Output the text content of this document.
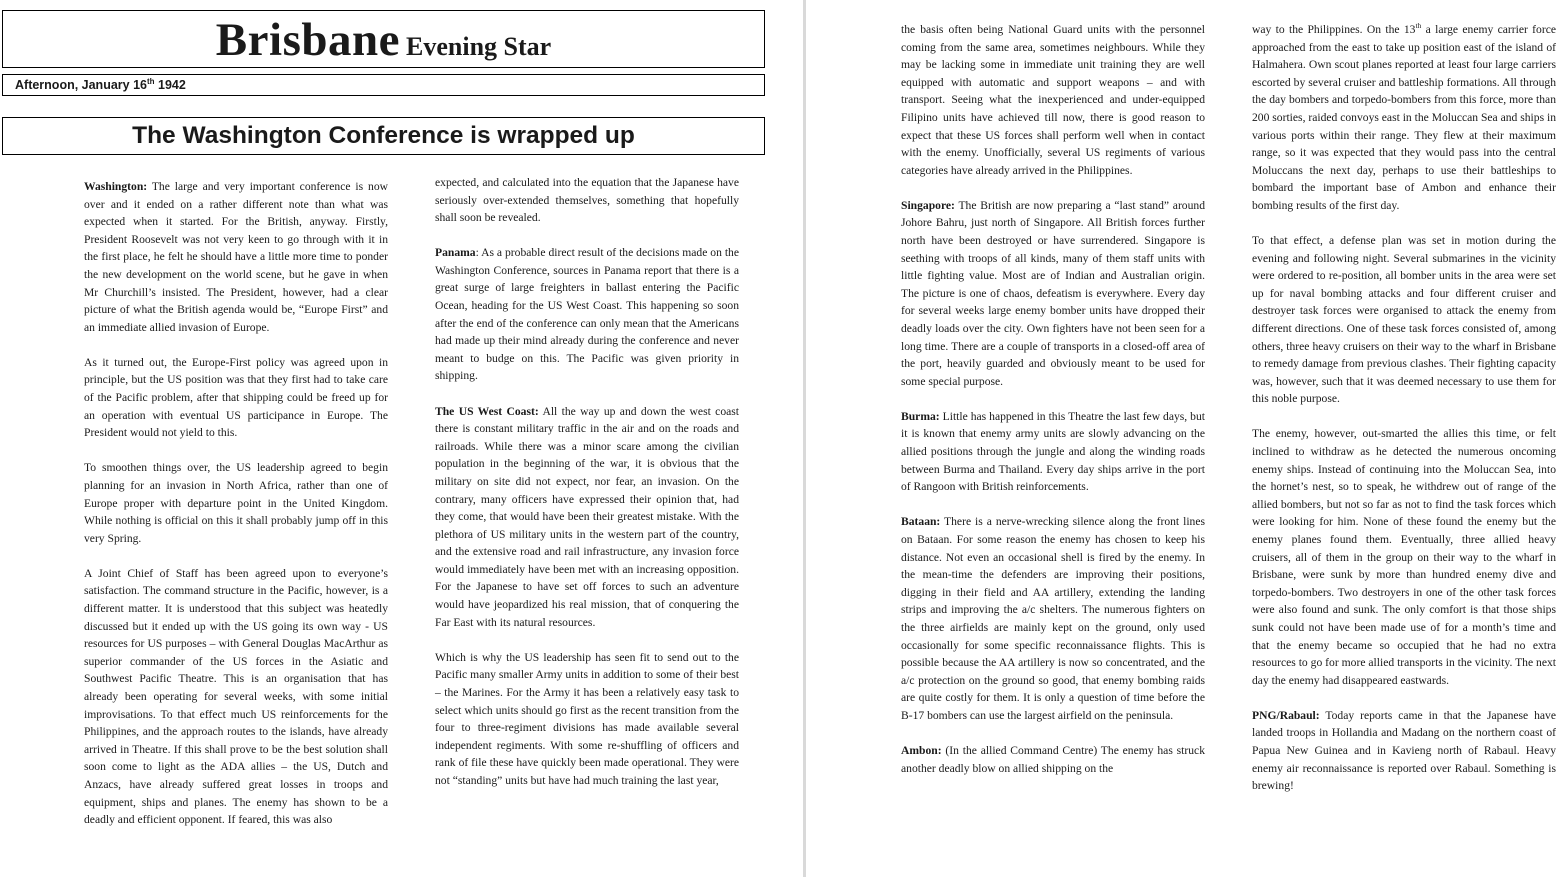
Brisbane Evening Star
Afternoon, January 16th 1942
The Washington Conference is wrapped up

Washington: The large and very important conference is now over and it ended on a rather different note than what was expected when it started. For the British, anyway. Firstly, President Roosevelt was not very keen to go through with it in the first place, he felt he should have a little more time to ponder the new development on the world scene, but he gave in when Mr Churchill’s insisted. The President, however, had a clear picture of what the British agenda would be, “Europe First” and an immediate allied invasion of Europe.

As it turned out, the Europe-First policy was agreed upon in principle, but the US position was that they first had to take care of the Pacific problem, after that shipping could be freed up for an operation with eventual US participance in Europe. The President would not yield to this.

To smoothen things over, the US leadership agreed to begin planning for an invasion in North Africa, rather than one of Europe proper with departure point in the United Kingdom. While nothing is official on this it shall probably jump off in this very Spring.

A Joint Chief of Staff has been agreed upon to everyone’s satisfaction. The command structure in the Pacific, however, is a different matter. It is understood that this subject was heatedly discussed but it ended up with the US going its own way - US resources for US purposes – with General Douglas MacArthur as superior commander of the US forces in the Asiatic and Southwest Pacific Theatre. This is an organisation that has already been operating for several weeks, with some initial improvisations. To that effect much US reinforcements for the Philippines, and the approach routes to the islands, have already arrived in Theatre. If this shall prove to be the best solution shall soon come to light as the ADA allies – the US, Dutch and Anzacs, have already suffered great losses in troops and equipment, ships and planes. The enemy has shown to be a deadly and efficient opponent. If feared, this was also

expected, and calculated into the equation that the Japanese have seriously over-extended themselves, something that hopefully shall soon be revealed.

Panama: As a probable direct result of the decisions made on the Washington Conference, sources in Panama report that there is a great surge of large freighters in ballast entering the Pacific Ocean, heading for the US West Coast. This happening so soon after the end of the conference can only mean that the Americans had made up their mind already during the conference and never meant to budge on this. The Pacific was given priority in shipping.

The US West Coast: All the way up and down the west coast there is constant military traffic in the air and on the roads and railroads. While there was a minor scare among the civilian population in the beginning of the war, it is obvious that the military on site did not expect, nor fear, an invasion. On the contrary, many officers have expressed their opinion that, had they come, that would have been their greatest mistake. With the plethora of US military units in the western part of the country, and the extensive road and rail infrastructure, any invasion force would immediately have been met with an increasing opposition. For the Japanese to have set off forces to such an adventure would have jeopardized his real mission, that of conquering the Far East with its natural resources.

Which is why the US leadership has seen fit to send out to the Pacific many smaller Army units in addition to some of their best – the Marines. For the Army it has been a relatively easy task to select which units should go first as the recent transition from the four to three-regiment divisions has made available several independent regiments. With some re-shuffling of officers and rank of file these have quickly been made operational. They were not “standing” units but have had much training the last year,

the basis often being National Guard units with the personnel coming from the same area, sometimes neighbours. While they may be lacking some in immediate unit training they are well equipped with automatic and support weapons – and with transport. Seeing what the inexperienced and under-equipped Filipino units have achieved till now, there is good reason to expect that these US forces shall perform well when in contact with the enemy. Unofficially, several US regiments of various categories have already arrived in the Philippines.

Singapore: The British are now preparing a “last stand” around Johore Bahru, just north of Singapore. All British forces further north have been destroyed or have surrendered. Singapore is seething with troops of all kinds, many of them staff units with little fighting value. Most are of Indian and Australian origin. The picture is one of chaos, defeatism is everywhere. Every day for several weeks large enemy bomber units have dropped their deadly loads over the city. Own fighters have not been seen for a long time. There are a couple of transports in a closed-off area of the port, heavily guarded and obviously meant to be used for some special purpose.

Burma: Little has happened in this Theatre the last few days, but it is known that enemy army units are slowly advancing on the allied positions through the jungle and along the winding roads between Burma and Thailand. Every day ships arrive in the port of Rangoon with British reinforcements.

Bataan: There is a nerve-wrecking silence along the front lines on Bataan. For some reason the enemy has chosen to keep his distance. Not even an occasional shell is fired by the enemy. In the mean-time the defenders are improving their positions, digging in their field and AA artillery, extending the landing strips and improving the a/c shelters. The numerous fighters on the three airfields are mainly kept on the ground, only used occasionally for some specific reconnaissance flights. This is possible because the AA artillery is now so concentrated, and the a/c protection on the ground so good, that enemy bombing raids are quite costly for them. It is only a question of time before the B-17 bombers can use the largest airfield on the peninsula.

Ambon: (In the allied Command Centre) The enemy has struck another deadly blow on allied shipping on the

way to the Philippines. On the 13th a large enemy carrier force approached from the east to take up position east of the island of Halmahera. Own scout planes reported at least four large carriers escorted by several cruiser and battleship formations. All through the day bombers and torpedo-bombers from this force, more than 200 sorties, raided convoys east in the Moluccan Sea and ships in various ports within their range. They flew at their maximum range, so it was expected that they would pass into the central Moluccans the next day, perhaps to use their battleships to bombard the important base of Ambon and enhance their bombing results of the first day.

To that effect, a defense plan was set in motion during the evening and following night. Several submarines in the vicinity were ordered to re-position, all bomber units in the area were set up for naval bombing attacks and four different cruiser and destroyer task forces were organised to attack the enemy from different directions. One of these task forces consisted of, among others, three heavy cruisers on their way to the wharf in Brisbane to remedy damage from previous clashes. Their fighting capacity was, however, such that it was deemed necessary to use them for this noble purpose.

The enemy, however, out-smarted the allies this time, or felt inclined to withdraw as he detected the numerous oncoming enemy ships. Instead of continuing into the Moluccan Sea, into the hornet’s nest, so to speak, he withdrew out of range of the allied bombers, but not so far as not to find the task forces which were looking for him. None of these found the enemy but the enemy planes found them. Eventually, three allied heavy cruisers, all of them in the group on their way to the wharf in Brisbane, were sunk by more than hundred enemy dive and torpedo-bombers. Two destroyers in one of the other task forces were also found and sunk. The only comfort is that those ships sunk could not have been made use of for a month’s time and that the enemy became so occupied that he had no extra resources to go for more allied transports in the vicinity. The next day the enemy had disappeared eastwards.

PNG/Rabaul: Today reports came in that the Japanese have landed troops in Hollandia and Madang on the northern coast of Papua New Guinea and in Kavieng north of Rabaul. Heavy enemy air reconnaissance is reported over Rabaul. Something is brewing!
